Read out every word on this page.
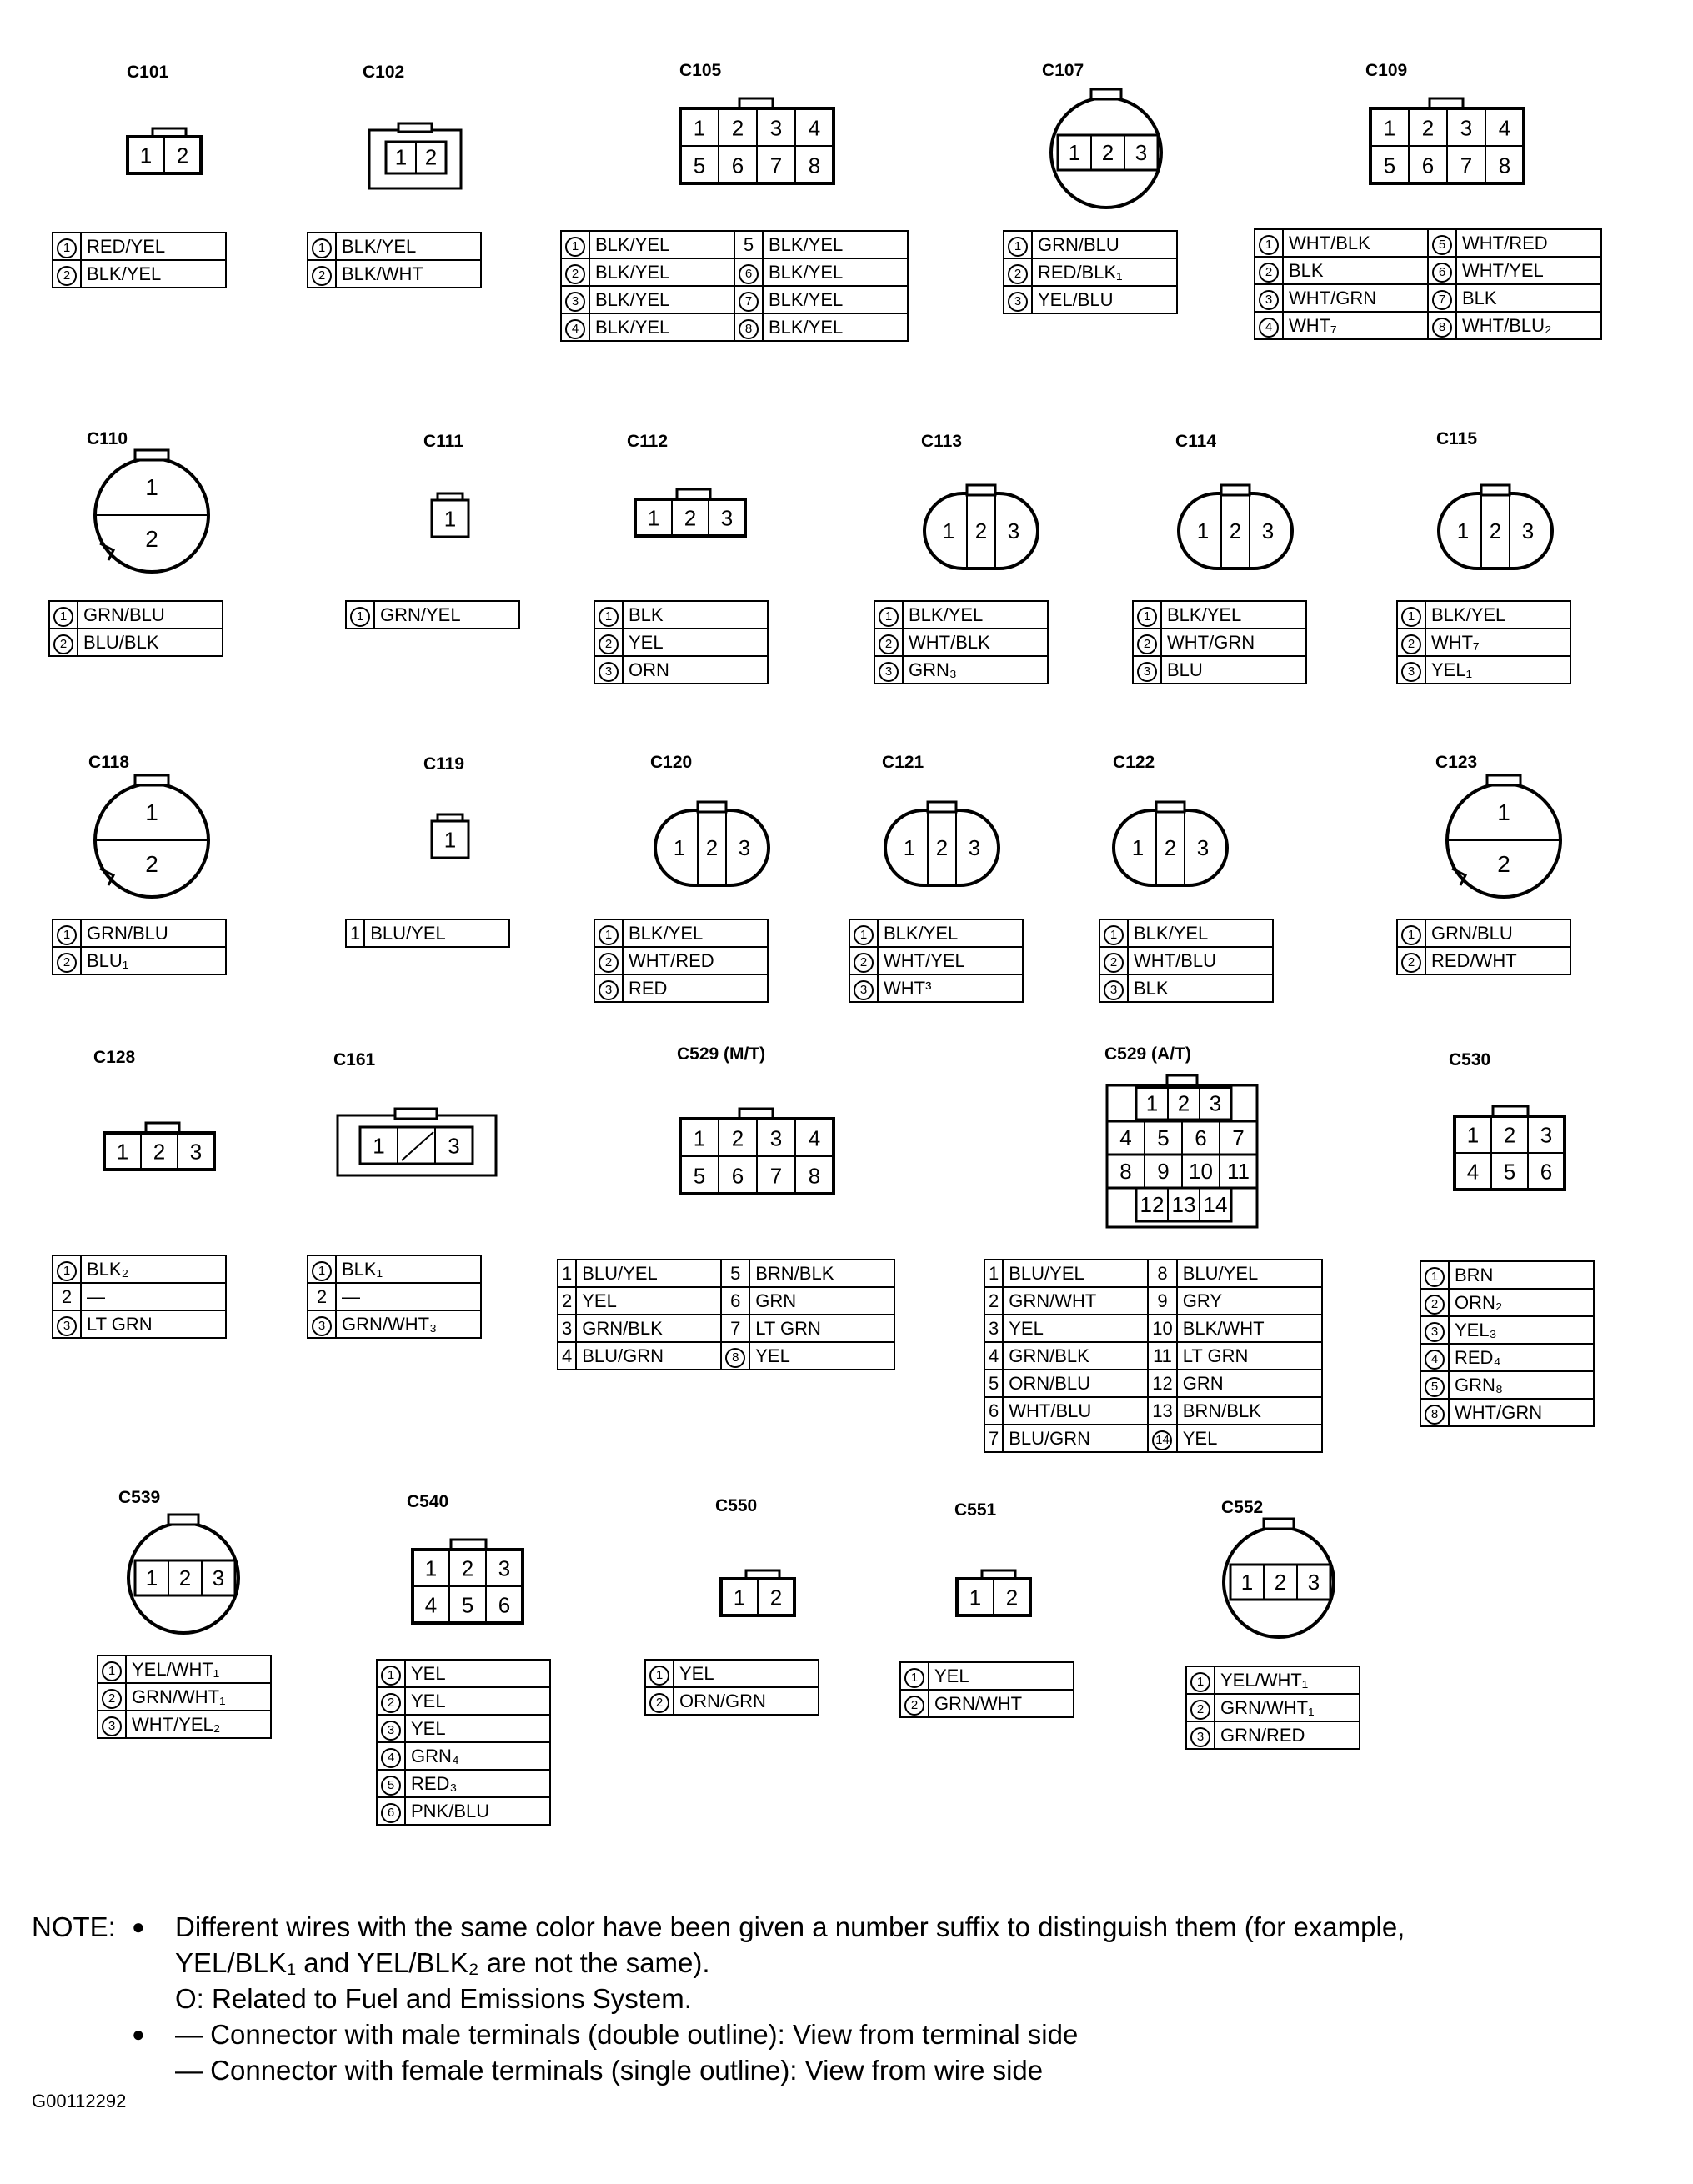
C101
1 2
1	RED/YEL
2	BLK/YEL
C102
1 2
1	BLK/YEL
2	BLK/WHT
C105
1 2 3 4
5 6 7 8
1	BLK/YEL	5	BLK/YEL
2	BLK/YEL	6	BLK/YEL
3	BLK/YEL	7	BLK/YEL
4	BLK/YEL	8	BLK/YEL
C107
1 2 3
1	GRN/BLU
2	RED/BLK₁
3	YEL/BLU
C109
1 2 3 4
5 6 7 8
1	WHT/BLK	5	WHT/RED
2	BLK	6	WHT/YEL
3	WHT/GRN	7	BLK
4	WHT₇	8	WHT/BLU₂
C110
1
2
1	GRN/BLU
2	BLU/BLK
C111
1
1	GRN/YEL
C112
1 2 3
1	BLK
2	YEL
3	ORN
C113
1 2 3
1	BLK/YEL
2	WHT/BLK
3	GRN₃
C114
1 2 3
1	BLK/YEL
2	WHT/GRN
3	BLU
C115
1 2 3
1	BLK/YEL
2	WHT₇
3	YEL₁
C118
1
2
1	GRN/BLU
2	BLU₁
C119
1
1	BLU/YEL
C120
1 2 3
1	BLK/YEL
2	WHT/RED
3	RED
C121
1 2 3
1	BLK/YEL
2	WHT/YEL
3	WHT³
C122
1 2 3
1	BLK/YEL
2	WHT/BLU
3	BLK
C123
1
2
1	GRN/BLU
2	RED/WHT
C128
1 2 3
1	BLK₂
2	—
3	LT GRN
C161
1	3
1	BLK₁
2	—
3	GRN/WHT₃
C529 (M/T)
1 2 3 4
5 6 7 8
1	BLU/YEL	5	BRN/BLK
2	YEL	6	GRN
3	GRN/BLK	7	LT GRN
4	BLU/GRN	8	YEL
C529 (A/T)
1 2 3
4 5 6 7
8 9 10 11
12 13 14
1	BLU/YEL	8	BLU/YEL
2	GRN/WHT	9	GRY
3	YEL	10	BLK/WHT
4	GRN/BLK	11	LT GRN
5	ORN/BLU	12	GRN
6	WHT/BLU	13	BRN/BLK
7	BLU/GRN	14	YEL
C530
1 2 3
4 5 6
1	BRN
2	ORN₂
3	YEL₃
4	RED₄
5	GRN₈
8	WHT/GRN
C539
1 2 3
1	YEL/WHT₁
2	GRN/WHT₁
3	WHT/YEL₂
C540
1 2 3
4 5 6
1	YEL
2	YEL
3	YEL
4	GRN₄
5	RED₃
6	PNK/BLU
C550
1 2
1	YEL
2	ORN/GRN
C551
1 2
1	YEL
2	GRN/WHT
C552
1 2 3
1	YEL/WHT₁
2	GRN/WHT₁
3	GRN/RED
NOTE: ● Different wires with the same color have been given a number suffix to distinguish them (for example,
YEL/BLK₁ and YEL/BLK₂ are not the same).
O: Related to Fuel and Emissions System.
● — Connector with male terminals (double outline): View from terminal side
— Connector with female terminals (single outline): View from wire side
G00112292
